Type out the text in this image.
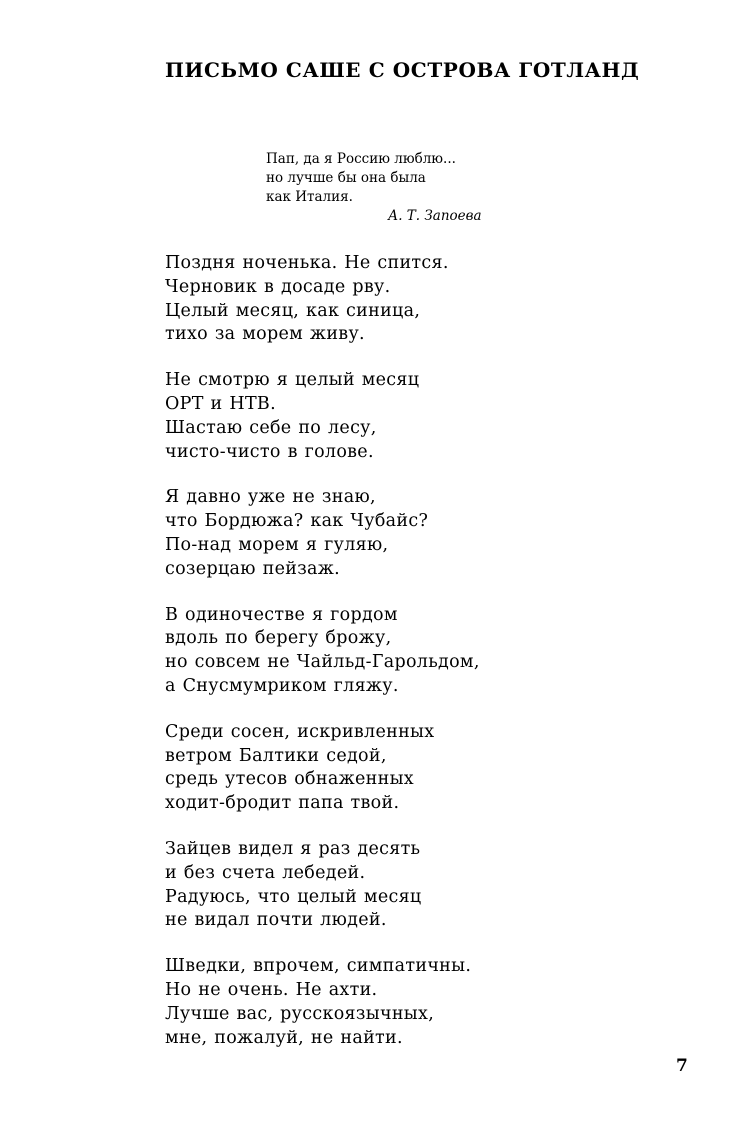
ПИСЬМО САШЕ С ОСТРОВА ГОТЛАНД
Пап, да я Россию люблю...
но лучше бы она была
как Италия.
А. Т. Запоева
Поздня ноченька. Не спится.
Черновик в досаде рву.
Целый месяц, как синица,
тихо за морем живу.
Не смотрю я целый месяц
ОРТ и НТВ.
Шастаю себе по лесу,
чисто-чисто в голове.
Я давно уже не знаю,
что Бордюжа? как Чубайс?
По-над морем я гуляю,
созерцаю пейзаж.
В одиночестве я гордом
вдоль по берегу брожу,
но совсем не Чайльд-Гарольдом,
а Снусмумриком гляжу.
Среди сосен, искривленных
ветром Балтики седой,
средь утесов обнаженных
ходит-бродит папа твой.
Зайцев видел я раз десять
и без счета лебедей.
Радуюсь, что целый месяц
не видал почти людей.
Шведки, впрочем, симпатичны.
Но не очень. Не ахти.
Лучше вас, русскоязычных,
мне, пожалуй, не найти.
7
